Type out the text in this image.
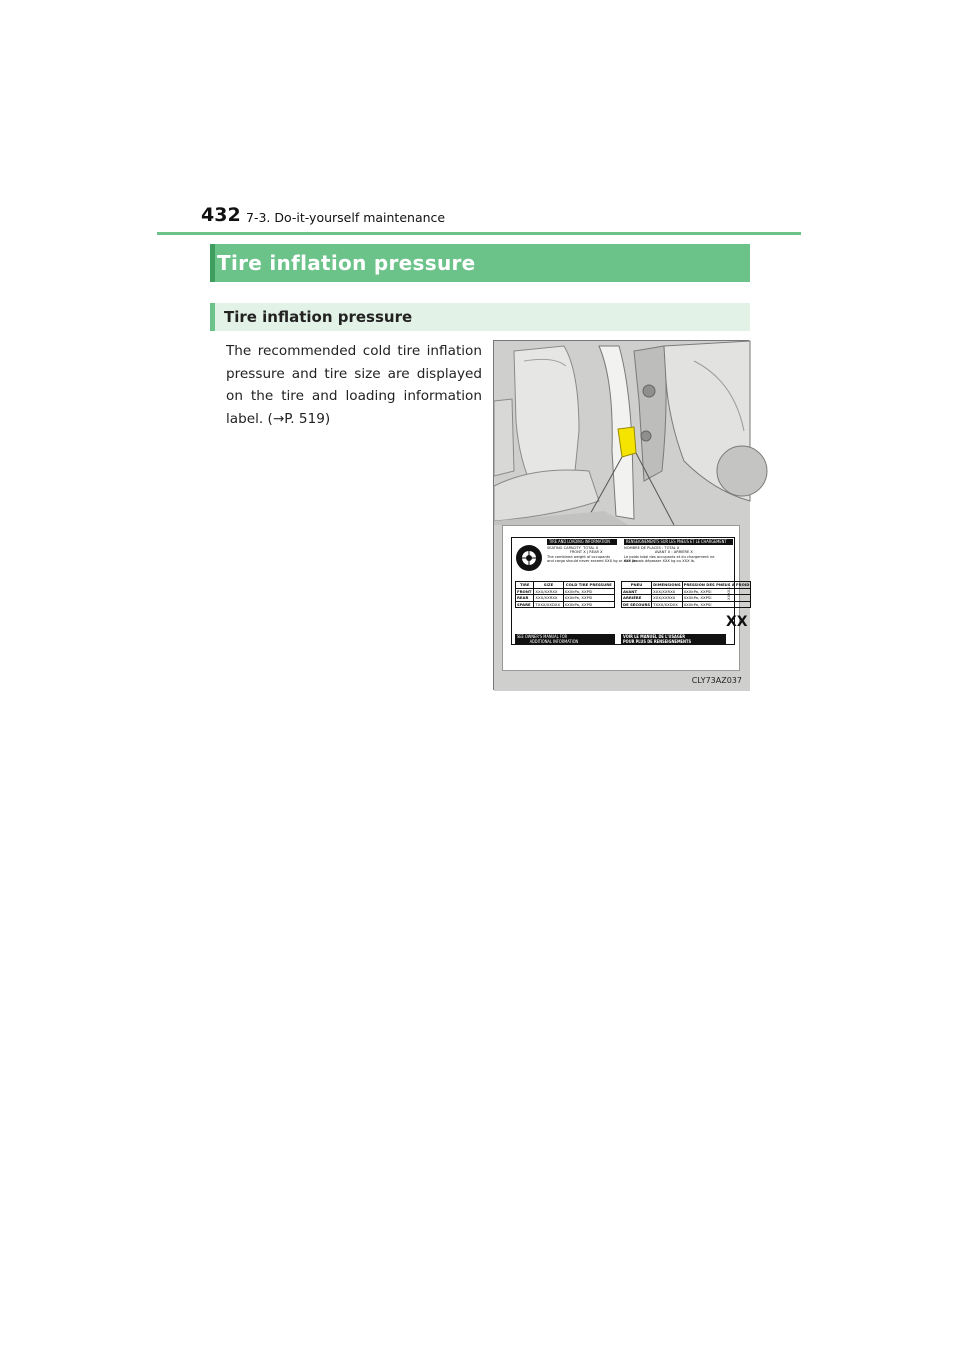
432 7-3. Do-it-yourself maintenance
Tire inflation pressure
Tire inflation pressure
The recommended cold tire inflation pressure and tire size are displayed on the tire and loading information label. (→P. 519)
TIRE AND LOADING INFORMATION	RENSEIGNEMENTS SUR LES PNEUS ET LE CHARGEMENT
SEATING CAPACITY  TOTAL X
FRONT X | REAR X
The combined weight of occupants
and cargo should never exceed XXX kg or XXX lbs.
NOMBRE DE PLACES : TOTAL X
AVANT X : ARRIÈRE X
Le poids total des occupants et du chargement ne
doit jamais dépasser XXX kg ou XXX lb.
TIRE	SIZE	COLD TIRE PRESSURE
FRONT	XXX/XXRXX	XXXkPa, XXPSI
REAR	XXX/XXRXX	XXXkPa, XXPSI
SPARE	TXXX/XXDXX	XXXkPa, XXPSI
PNEU	DIMENSIONS	PRESSION DES PNEUS À FROID
AVANT	XXX/XXRXX	XXXkPa, XXPSI
ARRIÈRE	XXX/XXRXX	XXXkPa, XXPSI
DE SECOURS	TXXX/XXDXX	XXXkPa, XXPSI
SEE OWNER'S MANUAL FOR
ADDITIONAL INFORMATION
VOIR LE MANUEL DE L'USAGER
POUR PLUS DE RENSEIGNEMENTS
XXXXX
XX
CLY73AZ037
